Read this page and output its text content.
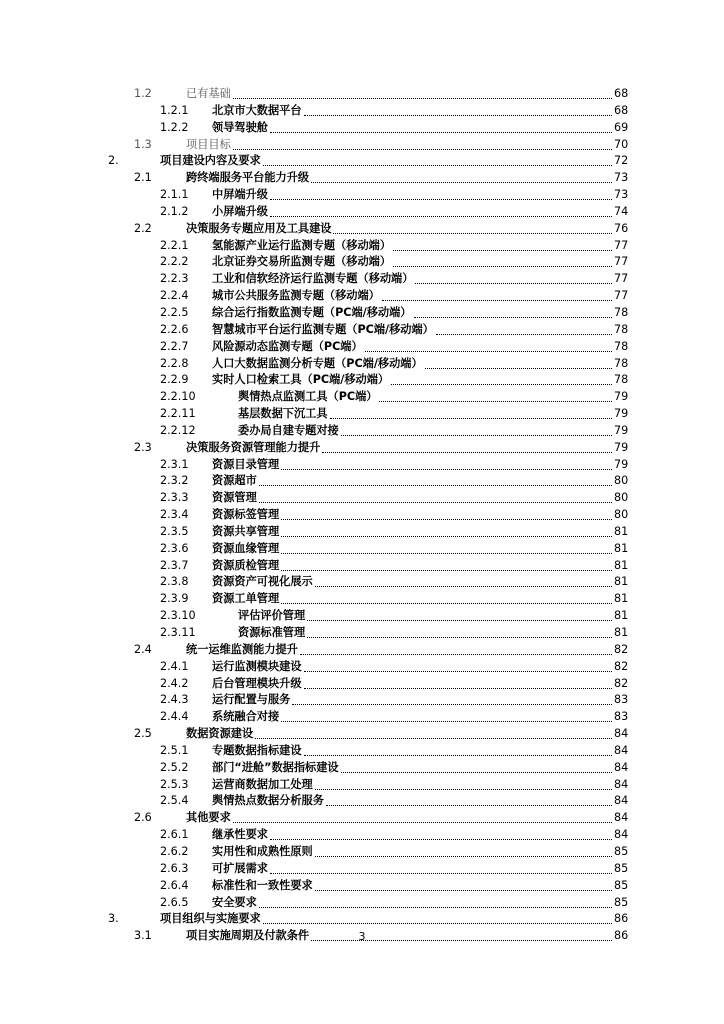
1.2	已有基础	68
1.2.1 北京市大数据平台	68
1.2.2 领导驾驶舱	69
1.3	项目目标	70
2.	项目建设内容及要求	72
2.1	跨终端服务平台能力升级	73
2.1.1 中屏端升级	73
2.1.2 小屏端升级	74
2.2	决策服务专题应用及工具建设	76
2.2.1 氢能源产业运行监测专题（移动端）	77
2.2.2 北京证券交易所监测专题（移动端）	77
2.2.3 工业和信软经济运行监测专题（移动端）	77
2.2.4 城市公共服务监测专题（移动端）	77
2.2.5 综合运行指数监测专题（PC端/移动端）	78
2.2.6 智慧城市平台运行监测专题（PC端/移动端）	78
2.2.7 风险源动态监测专题（PC端）	78
2.2.8 人口大数据监测分析专题（PC端/移动端）	78
2.2.9 实时人口检索工具（PC端/移动端）	78
2.2.10	舆情热点监测工具（PC端）	79
2.2.11	基层数据下沉工具	79
2.2.12	委办局自建专题对接	79
2.3	决策服务资源管理能力提升	79
2.3.1 资源目录管理	79
2.3.2 资源超市	80
2.3.3 资源管理	80
2.3.4 资源标签管理	80
2.3.5 资源共享管理	81
2.3.6 资源血缘管理	81
2.3.7 资源质检管理	81
2.3.8 资源资产可视化展示	81
2.3.9 资源工单管理	81
2.3.10	评估评价管理	81
2.3.11	资源标准管理	81
2.4	统一运维监测能力提升	82
2.4.1 运行监测模块建设	82
2.4.2 后台管理模块升级	82
2.4.3 运行配置与服务	83
2.4.4 系统融合对接	83
2.5	数据资源建设	84
2.5.1 专题数据指标建设	84
2.5.2 部门“进舱”数据指标建设	84
2.5.3 运营商数据加工处理	84
2.5.4 舆情热点数据分析服务	84
2.6	其他要求	84
2.6.1 继承性要求	84
2.6.2 实用性和成熟性原则	85
2.6.3 可扩展需求	85
2.6.4 标准性和一致性要求	85
2.6.5 安全要求	85
3.	项目组织与实施要求	86
3.1	项目实施周期及付款条件	86
3
